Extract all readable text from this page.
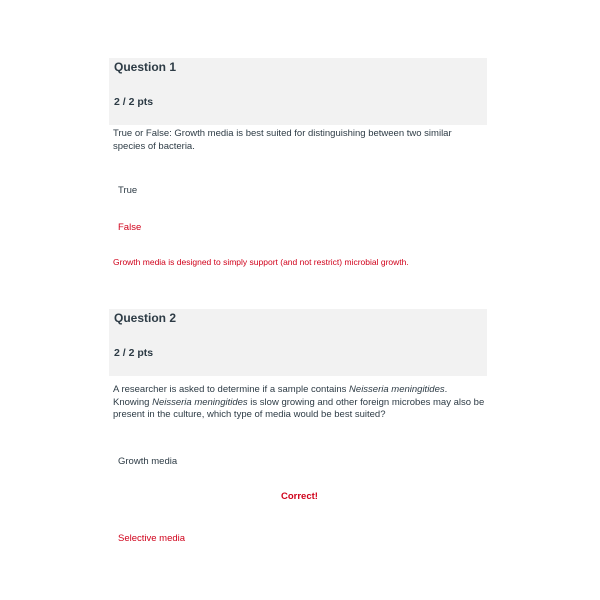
Question 1
2 / 2 pts
True or False: Growth media is best suited for distinguishing between two similar species of bacteria.
True
False
Growth media is designed to simply support (and not restrict) microbial growth.
Question 2
2 / 2 pts
A researcher is asked to determine if a sample contains Neisseria meningitides. Knowing Neisseria meningitides is slow growing and other foreign microbes may also be present in the culture, which type of media would be best suited?
Growth media
Correct!
Selective media
